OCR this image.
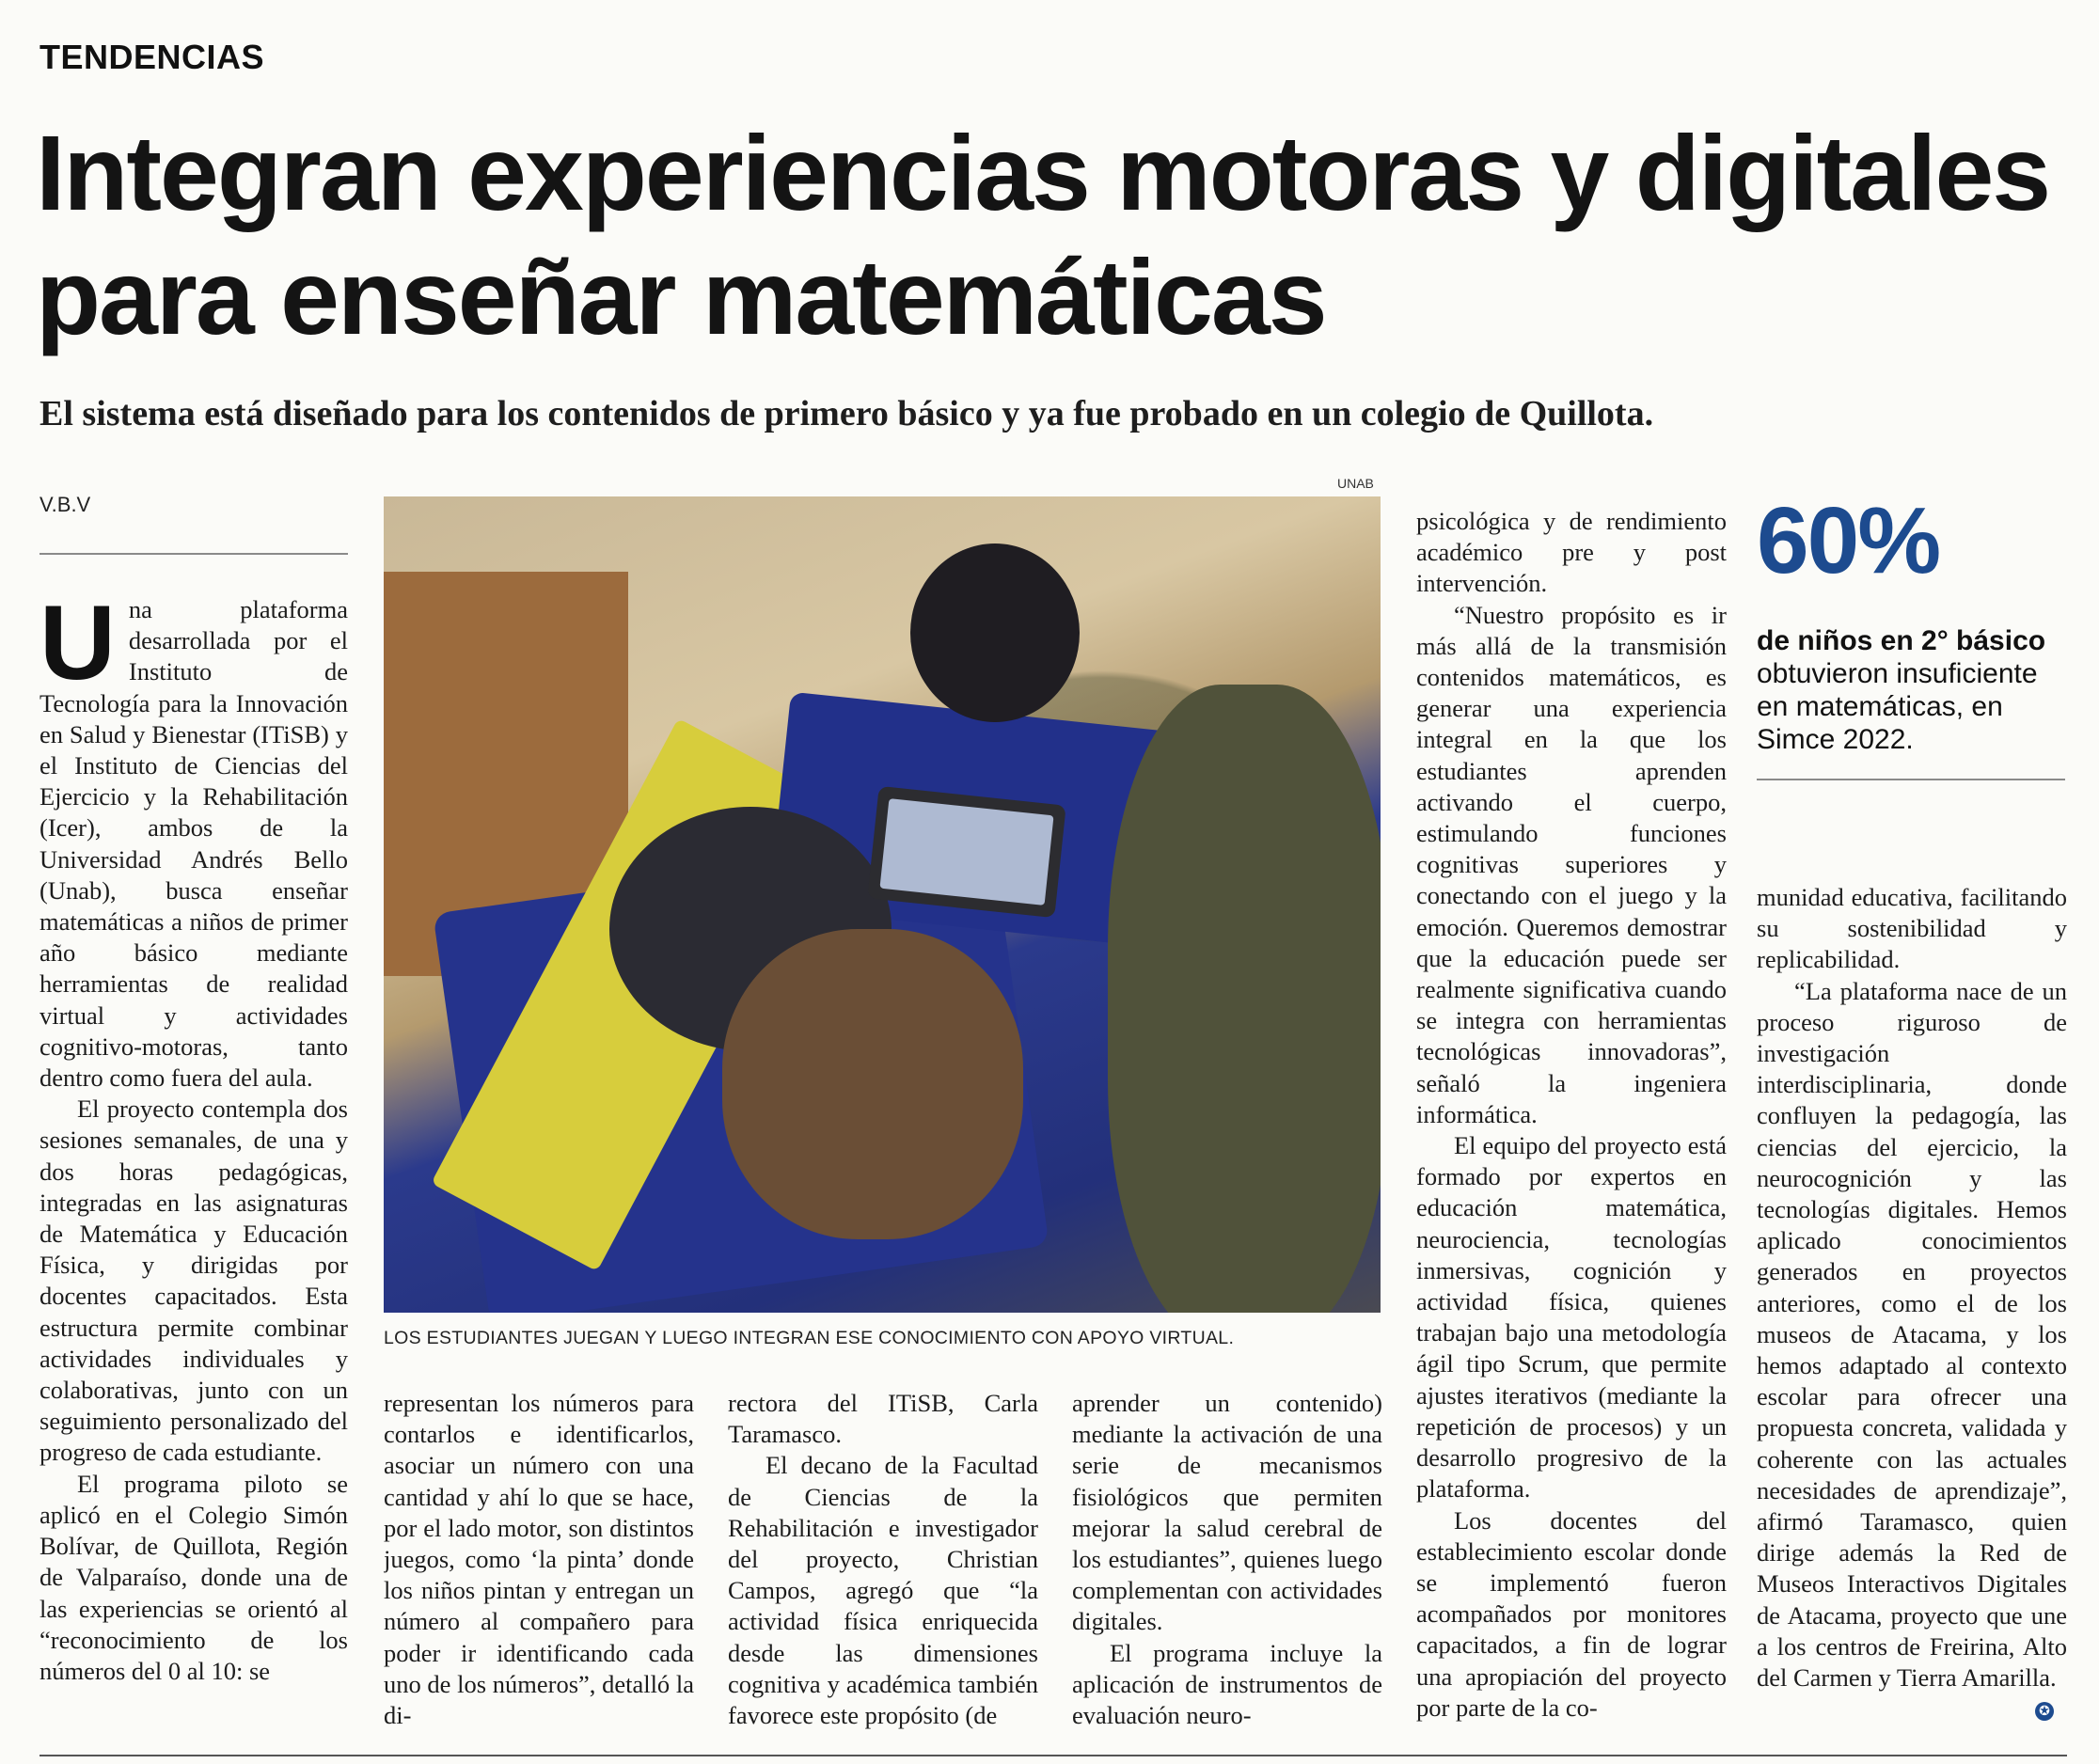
TENDENCIAS
Integran experiencias motoras y digitales para enseñar matemáticas
El sistema está diseñado para los contenidos de primero básico y ya fue probado en un colegio de Quillota.
V.B.V

Una plataforma desarrollada por el Instituto de Tecnología para la Innovación en Salud y Bienestar (ITiSB) y el Instituto de Ciencias del Ejercicio y la Rehabilitación (Icer), ambos de la Universidad Andrés Bello (Unab), busca enseñar matemáticas a niños de primer año básico mediante herramientas de realidad virtual y actividades cognitivo-motoras, tanto dentro como fuera del aula.

El proyecto contempla dos sesiones semanales, de una y dos horas pedagógicas, integradas en las asignaturas de Matemática y Educación Física, y dirigidas por docentes capacitados. Esta estructura permite combinar actividades individuales y colaborativas, junto con un seguimiento personalizado del progreso de cada estudiante.

El programa piloto se aplicó en el Colegio Simón Bolívar, de Quillota, Región de Valparaíso, donde una de las experiencias se orientó al “reconocimiento de los números del 0 al 10: se

UNAB
LOS ESTUDIANTES JUEGAN Y LUEGO INTEGRAN ESE CONOCIMIENTO CON APOYO VIRTUAL.

representan los números para contarlos e identificarlos, asociar un número con una cantidad y ahí lo que se hace, por el lado motor, son distintos juegos, como ‘la pinta’ donde los niños pintan y entregan un número al compañero para poder ir identificando cada uno de los números”, detalló la di-

rectora del ITiSB, Carla Taramasco.

El decano de la Facultad de Ciencias de la Rehabilitación e investigador del proyecto, Christian Campos, agregó que “la actividad física enriquecida desde las dimensiones cognitiva y académica también favorece este propósito (de

aprender un contenido) mediante la activación de una serie de mecanismos fisiológicos que permiten mejorar la salud cerebral de los estudiantes”, quienes luego complementan con actividades digitales.

El programa incluye la aplicación de instrumentos de evaluación neuro-

psicológica y de rendimiento académico pre y post intervención.

“Nuestro propósito es ir más allá de la transmisión contenidos matemáticos, es generar una experiencia integral en la que los estudiantes aprenden activando el cuerpo, estimulando funciones cognitivas superiores y conectando con el juego y la emoción. Queremos demostrar que la educación puede ser realmente significativa cuando se integra con herramientas tecnológicas innovadoras”, señaló la ingeniera informática.

El equipo del proyecto está formado por expertos en educación matemática, neurociencia, tecnologías inmersivas, cognición y actividad física, quienes trabajan bajo una metodología ágil tipo Scrum, que permite ajustes iterativos (mediante la repetición de procesos) y un desarrollo progresivo de la plataforma.

Los docentes del establecimiento escolar donde se implementó fueron acompañados por monitores capacitados, a fin de lograr una apropiación del proyecto por parte de la co-

60%
de niños en 2° básico obtuvieron insuficiente en matemáticas, en Simce 2022.

munidad educativa, facilitando su sostenibilidad y replicabilidad.

“La plataforma nace de un proceso riguroso de investigación interdisciplinaria, donde confluyen la pedagogía, las ciencias del ejercicio, la neurocognición y las tecnologías digitales. Hemos aplicado conocimientos generados en proyectos anteriores, como el de los museos de Atacama, y los hemos adaptado al contexto escolar para ofrecer una propuesta concreta, validada y coherente con las actuales necesidades de aprendizaje”, afirmó Taramasco, quien dirige además la Red de Museos Interactivos Digitales de Atacama, proyecto que une a los centros de Freirina, Alto del Carmen y Tierra Amarilla.

✪
